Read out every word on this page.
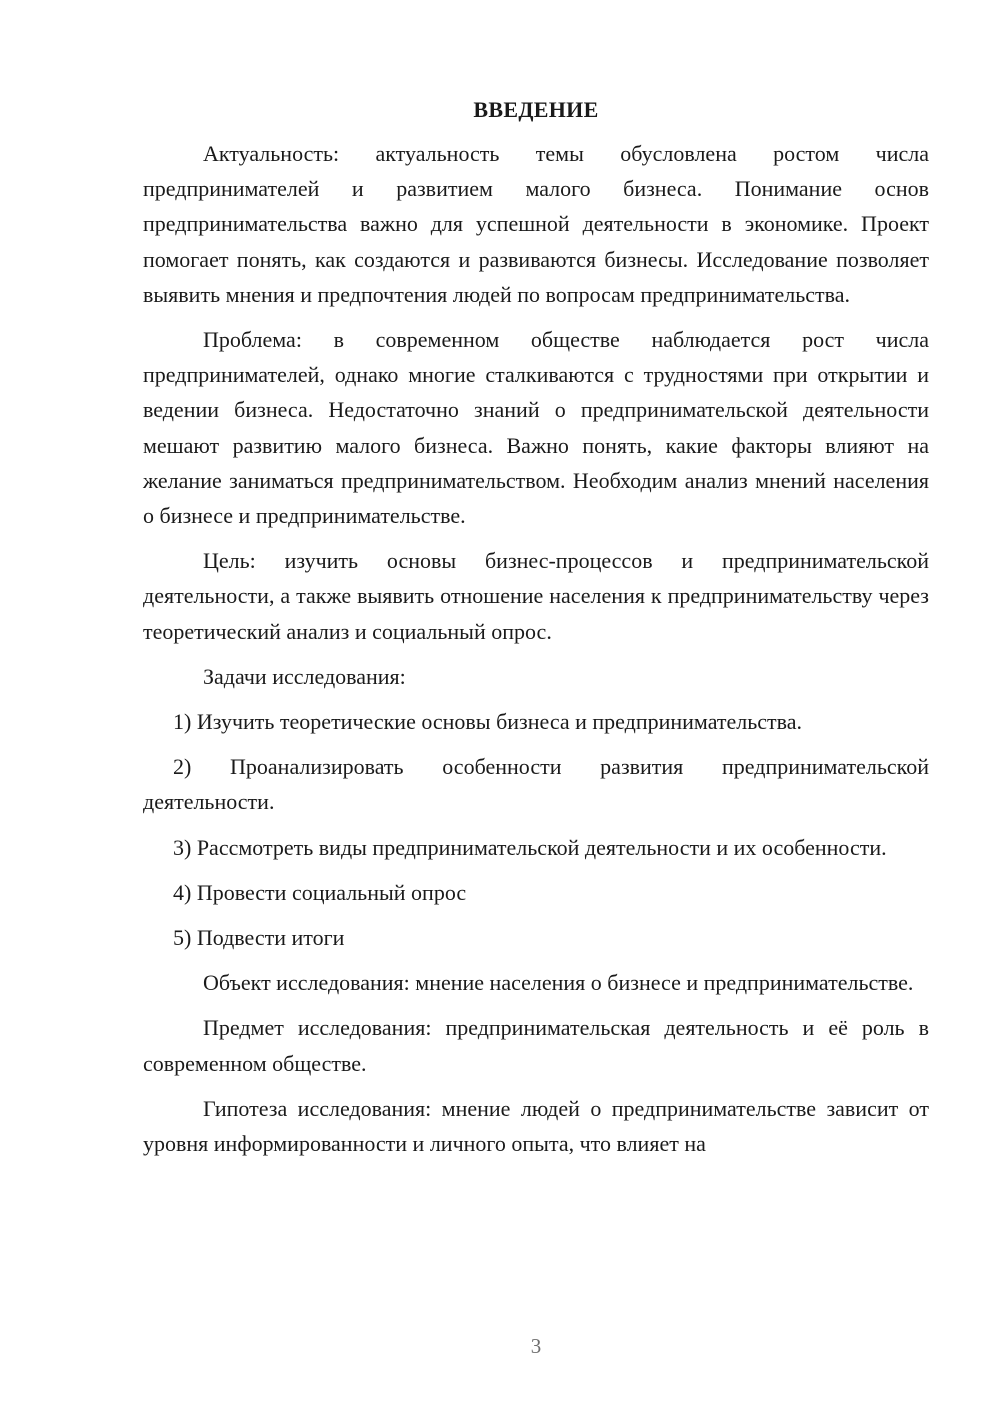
ВВЕДЕНИЕ

Актуальность: актуальность темы обусловлена ростом числа предпринимателей и развитием малого бизнеса. Понимание основ предпринимательства важно для успешной деятельности в экономике. Проект помогает понять, как создаются и развиваются бизнесы. Исследование позволяет выявить мнения и предпочтения людей по вопросам предпринимательства.

Проблема: в современном обществе наблюдается рост числа предпринимателей, однако многие сталкиваются с трудностями при открытии и ведении бизнеса. Недостаточно знаний о предпринимательской деятельности мешают развитию малого бизнеса. Важно понять, какие факторы влияют на желание заниматься предпринимательством. Необходим анализ мнений населения о бизнесе и предпринимательстве.

Цель: изучить основы бизнес-процессов и предпринимательской деятельности, а также выявить отношение населения к предпринимательству через теоретический анализ и социальный опрос.

Задачи исследования:

1) Изучить теоретические основы бизнеса и предпринимательства.

2) Проанализировать особенности развития предпринимательской деятельности.

3) Рассмотреть виды предпринимательской деятельности и их особенности.

4) Провести социальный опрос

5) Подвести итоги

Объект исследования: мнение населения о бизнесе и предпринимательстве.

Предмет исследования: предпринимательская деятельность и её роль в современном обществе.

Гипотеза исследования: мнение людей о предпринимательстве зависит от уровня информированности и личного опыта, что влияет на

3
